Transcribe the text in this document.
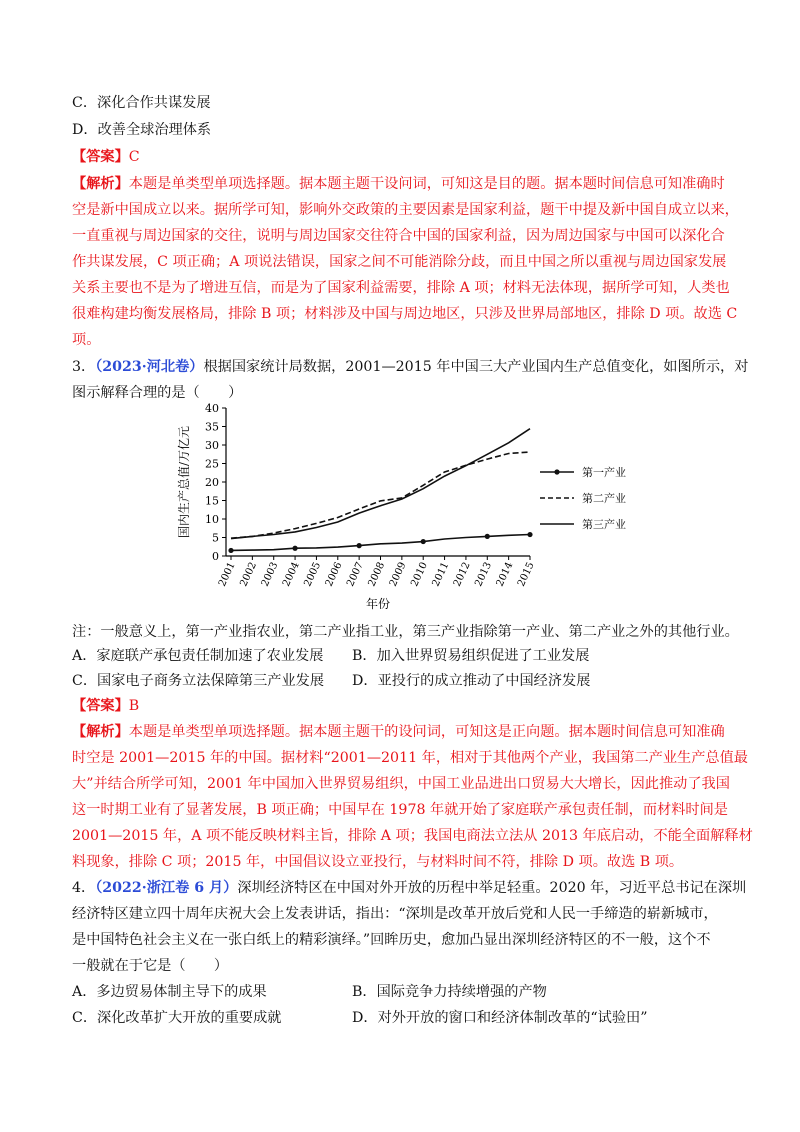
C．深化合作共谋发展
D．改善全球治理体系
【答案】C
【解析】本题是单类型单项选择题。据本题主题干设问词，可知这是目的题。据本题时间信息可知准确时
空是新中国成立以来。据所学可知，影响外交政策的主要因素是国家利益，题干中提及新中国自成立以来，
一直重视与周边国家的交往，说明与周边国家交往符合中国的国家利益，因为周边国家与中国可以深化合
作共谋发展，C 项正确；A 项说法错误，国家之间不可能消除分歧，而且中国之所以重视与周边国家发展
关系主要也不是为了增进互信，而是为了国家利益需要，排除 A 项；材料无法体现，据所学可知，人类也
很难构建均衡发展格局，排除 B 项；材料涉及中国与周边地区，只涉及世界局部地区，排除 D 项。故选 C
项。
3．（2023·河北卷）根据国家统计局数据，2001—2015 年中国三大产业国内生产总值变化，如图所示，对
图示解释合理的是（　　）
0
5
10
15
20
25
30
35
40
2001 2002 2003 2004 2005 2006 2007 2008 2009 2010 2011 2012 2013 2014 2015
年份
国内生产总值/万亿元	第一产业
第二产业
第三产业
注：一般意义上，第一产业指农业，第二产业指工业，第三产业指除第一产业、第二产业之外的其他行业。
A．家庭联产承包责任制加速了农业发展 B．加入世界贸易组织促进了工业发展
C．国家电子商务立法保障第三产业发展 D．亚投行的成立推动了中国经济发展
【答案】B
【解析】本题是单类型单项选择题。据本题主题干的设问词，可知这是正向题。据本题时间信息可知准确
时空是 2001—2015 年的中国。据材料“2001—2011 年，相对于其他两个产业，我国第二产业生产总值最
大”并结合所学可知，2001 年中国加入世界贸易组织，中国工业品进出口贸易大大增长，因此推动了我国
这一时期工业有了显著发展，B 项正确；中国早在 1978 年就开始了家庭联产承包责任制，而材料时间是
2001—2015 年，A 项不能反映材料主旨，排除 A 项；我国电商法立法从 2013 年底启动，不能全面解释材
料现象，排除 C 项；2015 年，中国倡议设立亚投行，与材料时间不符，排除 D 项。故选 B 项。
4．（2022·浙江卷 6 月）深圳经济特区在中国对外开放的历程中举足轻重。2020 年，习近平总书记在深圳
经济特区建立四十周年庆祝大会上发表讲话，指出：“深圳是改革开放后党和人民一手缔造的崭新城市，
是中国特色社会主义在一张白纸上的精彩演绎。”回眸历史，愈加凸显出深圳经济特区的不一般，这个不
一般就在于它是（　　）
A．多边贸易体制主导下的成果	B．国际竞争力持续增强的产物
C．深化改革扩大开放的重要成就	D．对外开放的窗口和经济体制改革的“试验田”
